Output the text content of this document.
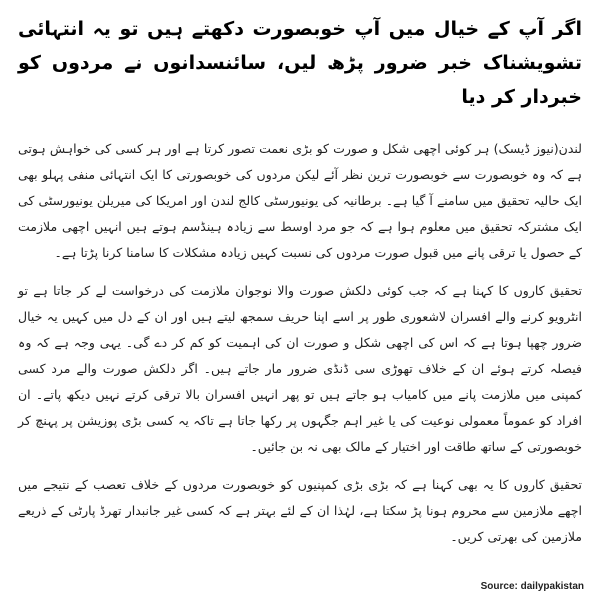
اگر آپ کے خیال میں آپ خوبصورت دکھتے ہیں تو یہ انتہائی تشویشناک خبر ضرور پڑھ لیں، سائنسدانوں نے مردوں کو خبردار کر دیا

لندن(نیوز ڈیسک) ہر کوئی اچھی شکل و صورت کو بڑی نعمت تصور کرتا ہے اور ہر کسی کی خواہش ہوتی ہے کہ وہ خوبصورت سے خوبصورت ترین نظر آئے لیکن مردوں کی خوبصورتی کا ایک انتہائی منفی پہلو بھی ایک حالیہ تحقیق میں سامنے آ گیا ہے۔ برطانیہ کی یونیورسٹی کالج لندن اور امریکا کی میریلن یونیورسٹی کی ایک مشترکہ تحقیق میں معلوم ہوا ہے کہ جو مرد اوسط سے زیادہ ہینڈسم ہوتے ہیں انہیں اچھی ملازمت کے حصول یا ترقی پانے میں قبول صورت مردوں کی نسبت کہیں زیادہ مشکلات کا سامنا کرنا پڑتا ہے۔

تحقیق کاروں کا کہنا ہے کہ جب کوئی دلکش صورت والا نوجوان ملازمت کی درخواست لے کر جاتا ہے تو انٹرویو کرنے والے افسران لاشعوری طور پر اسے اپنا حریف سمجھ لیتے ہیں اور ان کے دل میں کہیں یہ خیال ضرور چھپا ہوتا ہے کہ اس کی اچھی شکل و صورت ان کی اہمیت کو کم کر دے گی۔ یہی وجہ ہے کہ وہ فیصلہ کرتے ہوئے ان کے خلاف تھوڑی سی ڈنڈی ضرور مار جاتے ہیں۔ اگر دلکش صورت والے مرد کسی کمپنی میں ملازمت پانے میں کامیاب ہو جاتے ہیں تو پھر انہیں افسران بالا ترقی کرتے نہیں دیکھ پاتے۔ ان افراد کو عموماً معمولی نوعیت کی یا غیر اہم جگہوں پر رکھا جاتا ہے تاکہ یہ کسی بڑی پوزیشن پر پہنچ کر خوبصورتی کے ساتھ طاقت اور اختیار کے مالک بھی نہ بن جائیں۔

تحقیق کاروں کا یہ بھی کہنا ہے کہ بڑی بڑی کمپنیوں کو خوبصورت مردوں کے خلاف تعصب کے نتیجے میں اچھے ملازمین سے محروم ہونا پڑ سکتا ہے، لہٰذا ان کے لئے بہتر ہے کہ کسی غیر جانبدار تھرڈ پارٹی کے ذریعے ملازمین کی بھرتی کریں۔

Source: dailypakistan
